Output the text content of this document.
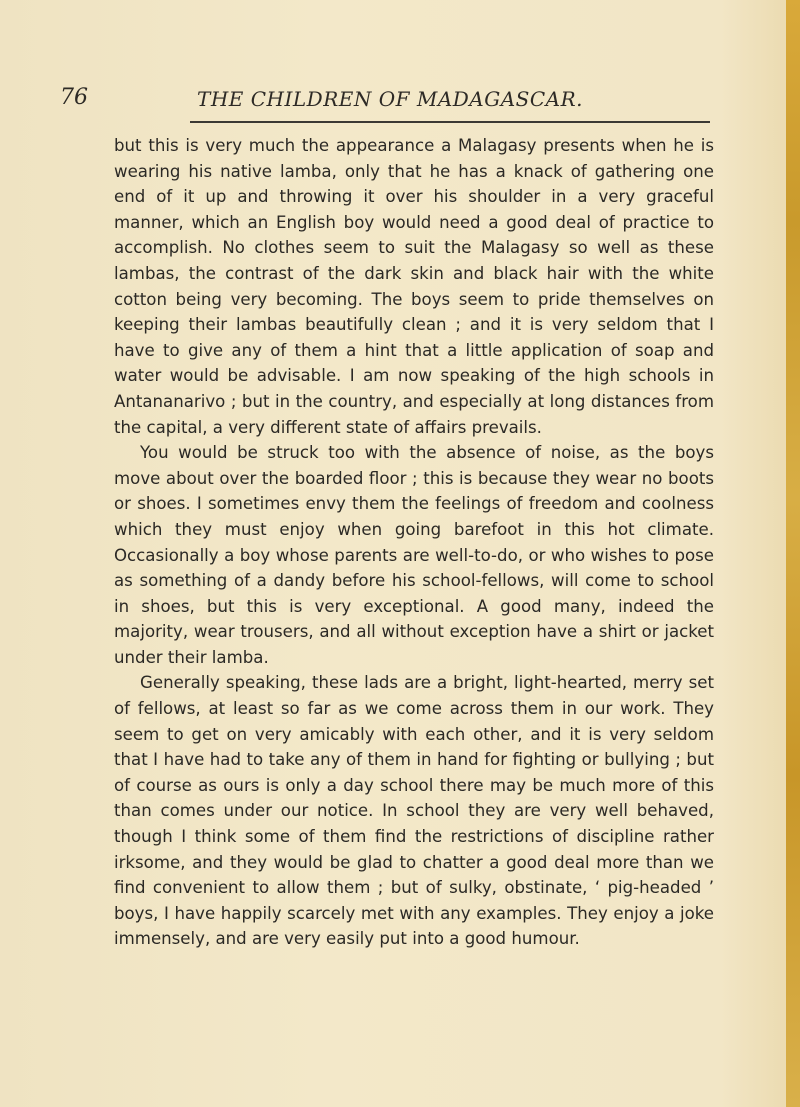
76	THE CHILDREN OF MADAGASCAR.

but this is very much the appearance a Malagasy presents when he is wearing his native lamba, only that he has a knack of gathering one end of it up and throwing it over his shoulder in a very graceful manner, which an English boy would need a good deal of practice to accomplish. No clothes seem to suit the Malagasy so well as these lambas, the contrast of the dark skin and black hair with the white cotton being very becoming. The boys seem to pride themselves on keeping their lambas beautifully clean ; and it is very seldom that I have to give any of them a hint that a little application of soap and water would be advisable. I am now speaking of the high schools in Antananarivo ; but in the country, and especially at long distances from the capital, a very different state of affairs prevails.

You would be struck too with the absence of noise, as the boys move about over the boarded floor ; this is because they wear no boots or shoes. I sometimes envy them the feelings of freedom and coolness which they must enjoy when going barefoot in this hot climate. Occasionally a boy whose parents are well-to-do, or who wishes to pose as something of a dandy before his school-fellows, will come to school in shoes, but this is very exceptional. A good many, indeed the majority, wear trousers, and all without exception have a shirt or jacket under their lamba.

Generally speaking, these lads are a bright, light-hearted, merry set of fellows, at least so far as we come across them in our work. They seem to get on very amicably with each other, and it is very seldom that I have had to take any of them in hand for fighting or bullying ; but of course as ours is only a day school there may be much more of this than comes under our notice. In school they are very well behaved, though I think some of them find the restrictions of discipline rather irksome, and they would be glad to chatter a good deal more than we find convenient to allow them ; but of sulky, obstinate, ‘ pig-headed ’ boys, I have happily scarcely met with any examples. They enjoy a joke immensely, and are very easily put into a good humour.
